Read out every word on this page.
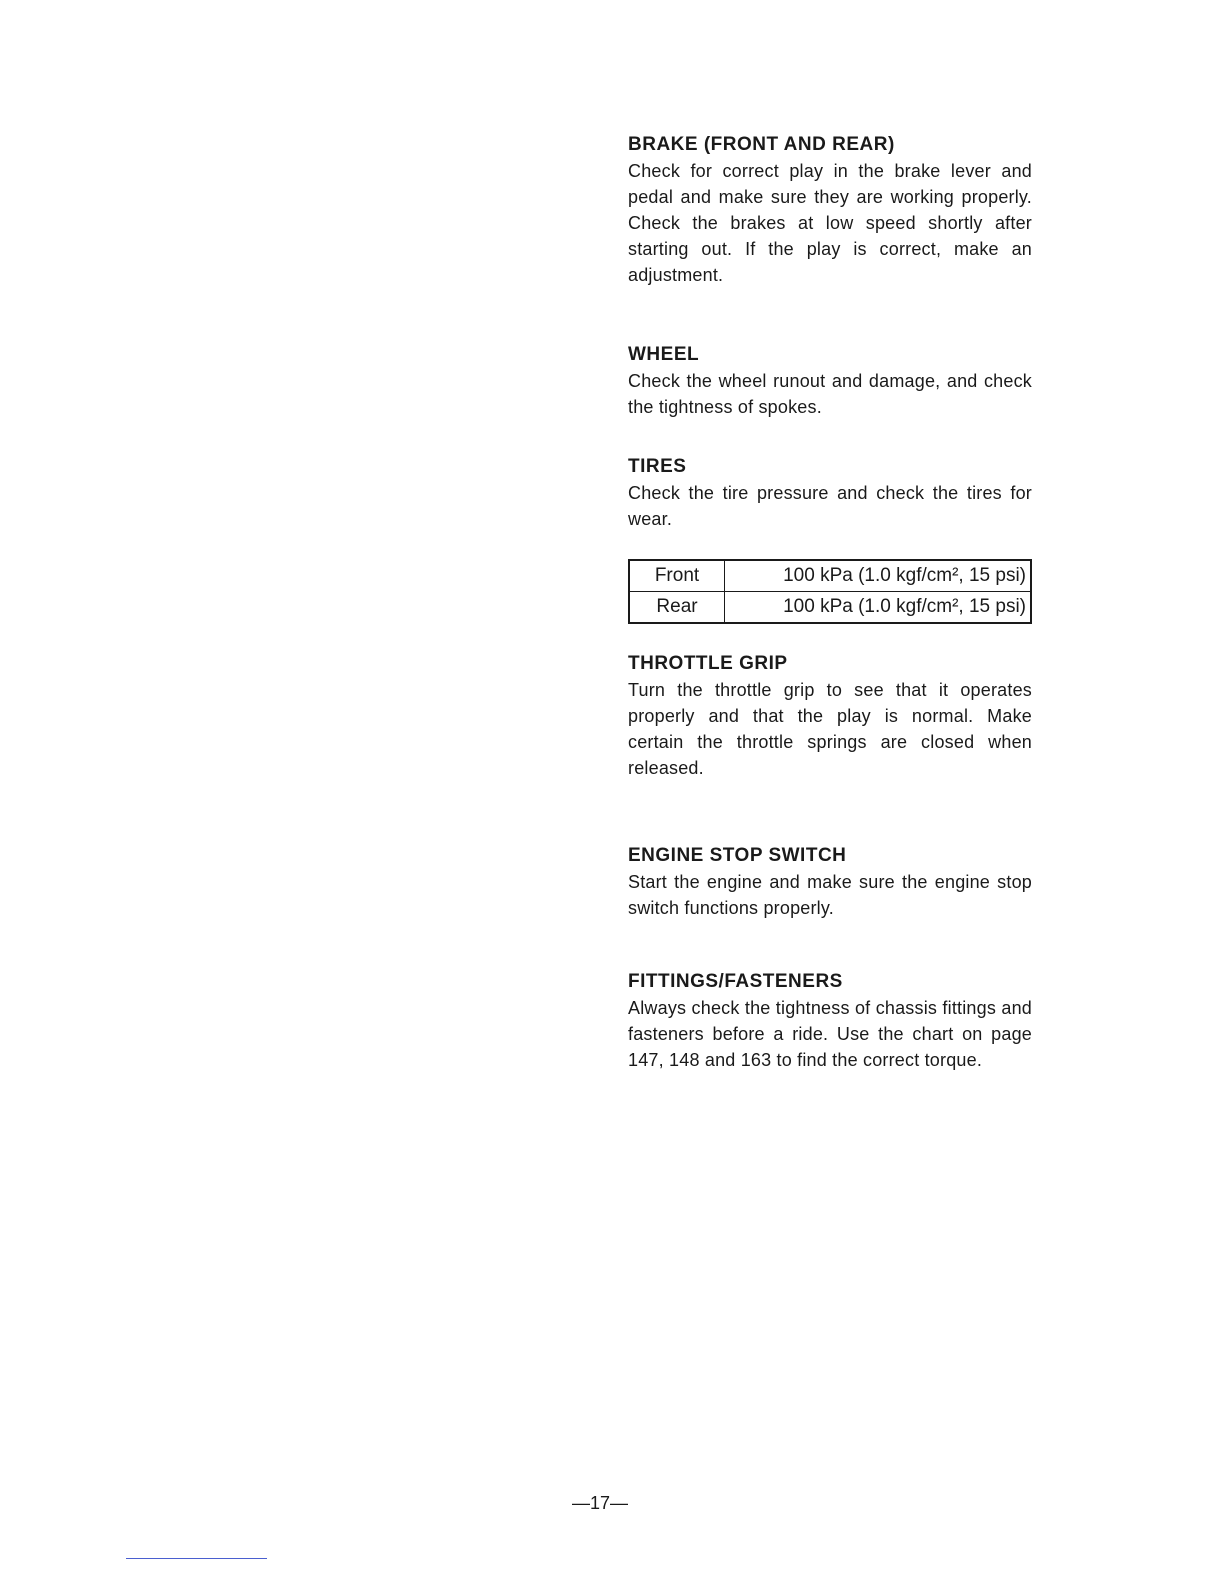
BRAKE (FRONT AND REAR)

Check for correct play in the brake lever and pedal and make sure they are working properly. Check the brakes at low speed shortly after starting out. If the play is correct, make an adjustment.

WHEEL

Check the wheel runout and damage, and check the tightness of spokes.

TIRES

Check the tire pressure and check the tires for wear.

Front	100 kPa (1.0 kgf/cm², 15 psi)
Rear	100 kPa (1.0 kgf/cm², 15 psi)
THROTTLE GRIP

Turn the throttle grip to see that it operates properly and that the play is normal. Make certain the throttle springs are closed when released.

ENGINE STOP SWITCH

Start the engine and make sure the engine stop switch functions properly.

FITTINGS/FASTENERS

Always check the tightness of chassis fittings and fasteners before a ride. Use the chart on page 147, 148 and 163 to find the correct torque.

—17—
